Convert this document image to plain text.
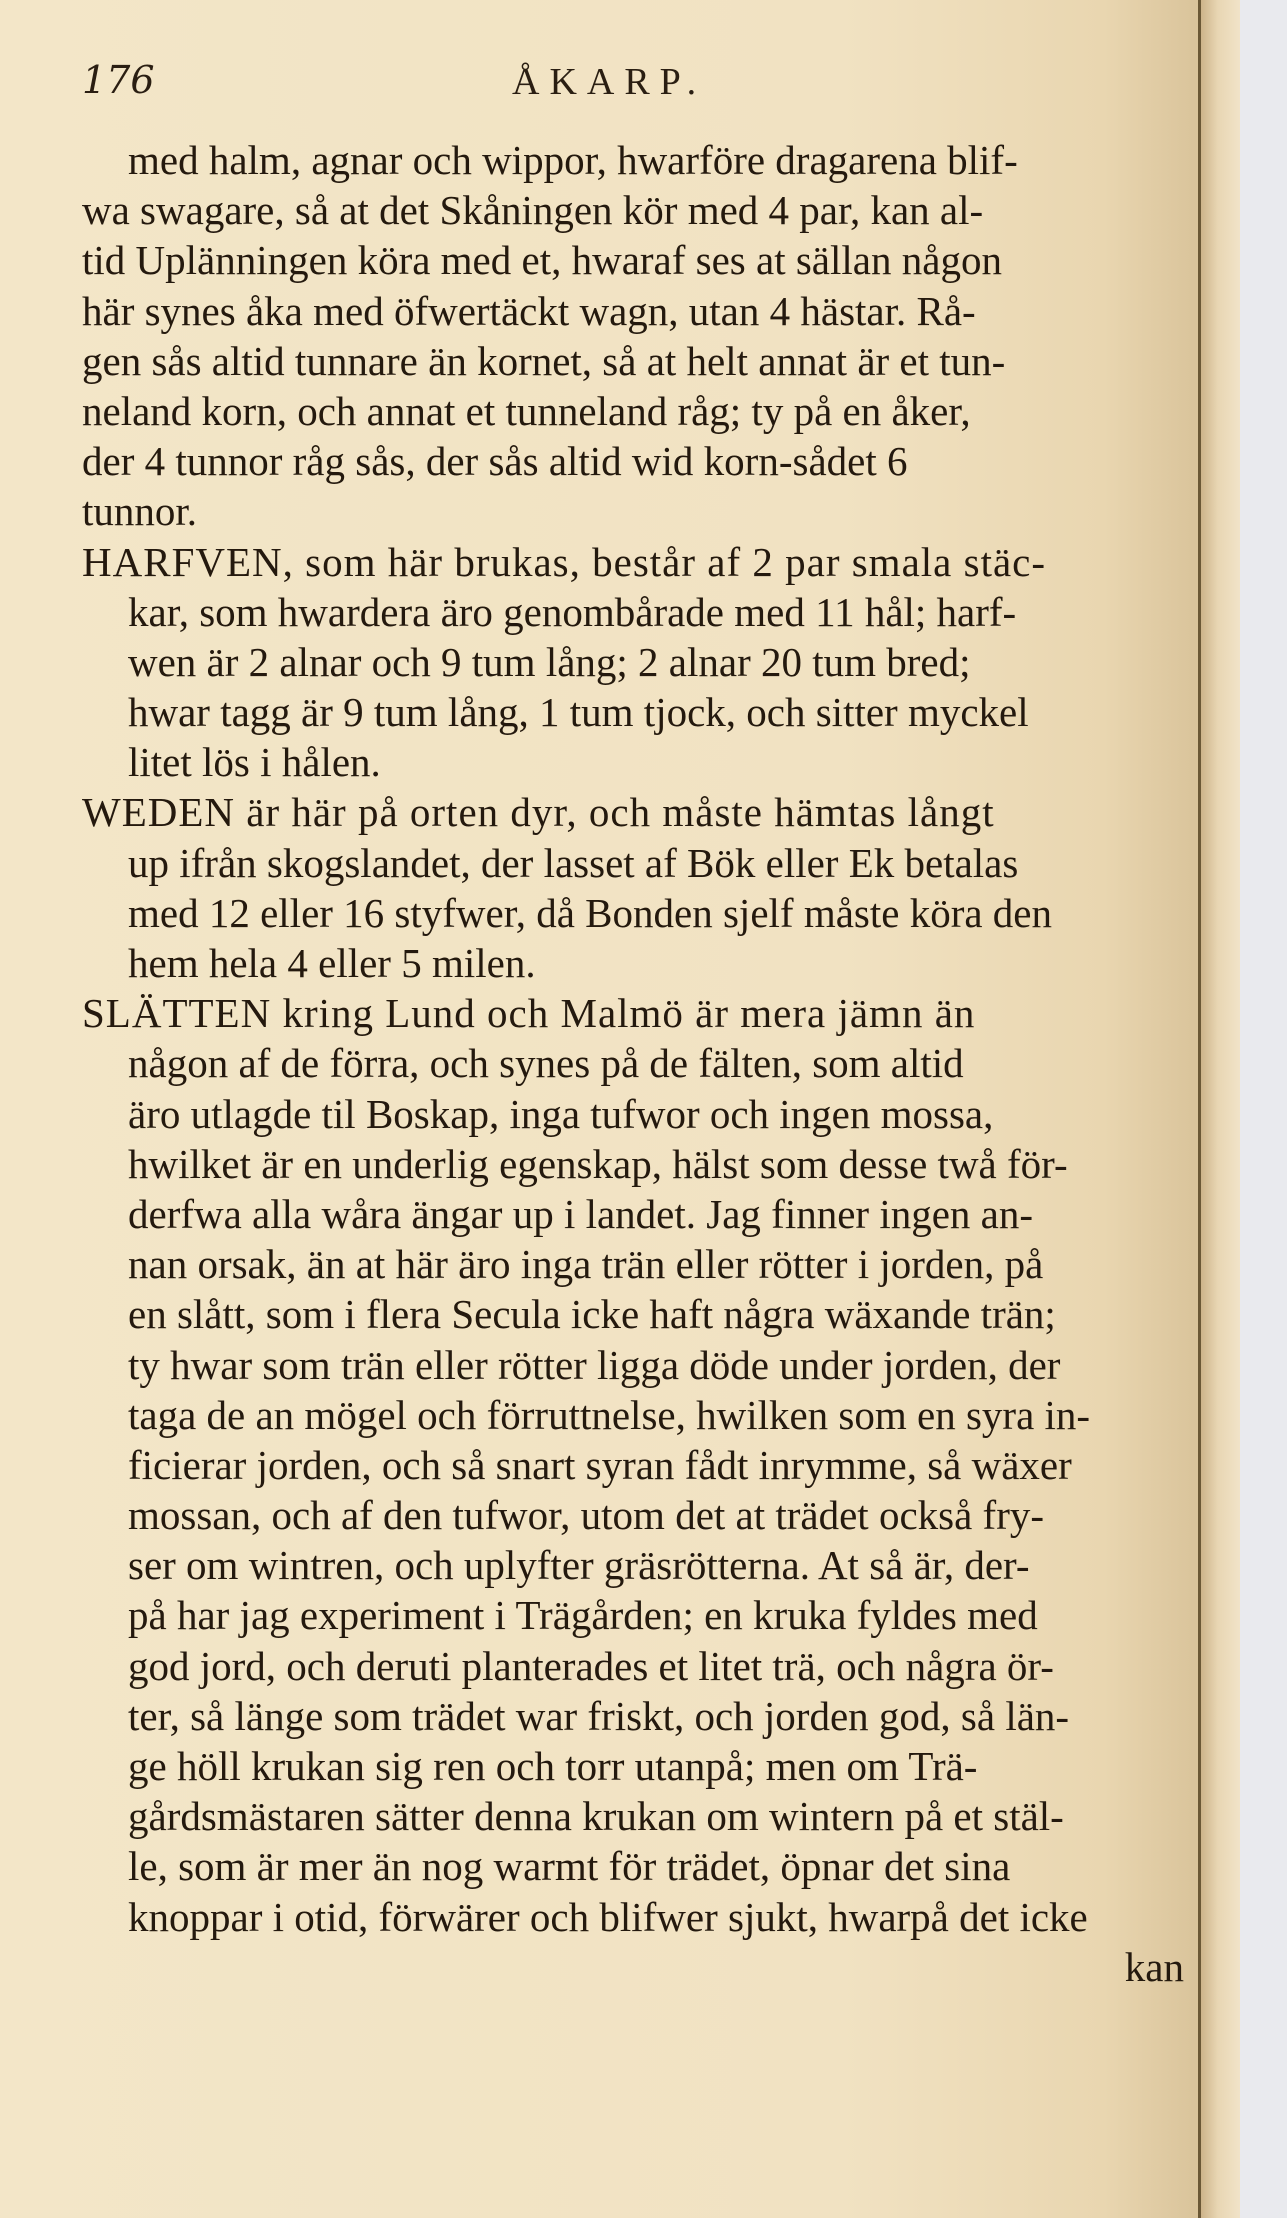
176	ÅKARP.
med halm, agnar och wippor, hwarföre dragarena blif-
wa swagare, så at det Skåningen kör med 4 par, kan al-
tid Uplänningen köra med et, hwaraf ses at sällan någon
här synes åka med öfwertäckt wagn, utan 4 hästar. Rå-
gen sås altid tunnare än kornet, så at helt annat är et tun-
neland korn, och annat et tunneland råg; ty på en åker,
der 4 tunnor råg sås, der sås altid wid korn-sådet 6
tunnor.
HARFVEN, som här brukas, består af 2 par smala stäc-
kar, som hwardera äro genombårade med 11 hål; harf-
wen är 2 alnar och 9 tum lång; 2 alnar 20 tum bred;
hwar tagg är 9 tum lång, 1 tum tjock, och sitter myckel
litet lös i hålen.
WEDEN är här på orten dyr, och måste hämtas långt
up ifrån skogslandet, der lasset af Bök eller Ek betalas
med 12 eller 16 styfwer, då Bonden sjelf måste köra den
hem hela 4 eller 5 milen.
SLÄTTEN kring Lund och Malmö är mera jämn än
någon af de förra, och synes på de fälten, som altid
äro utlagde til Boskap, inga tufwor och ingen mossa,
hwilket är en underlig egenskap, hälst som desse twå för-
derfwa alla wåra ängar up i landet. Jag finner ingen an-
nan orsak, än at här äro inga trän eller rötter i jorden, på
en slått, som i flera Secula icke haft några wäxande trän;
ty hwar som trän eller rötter ligga döde under jorden, der
taga de an mögel och förruttnelse, hwilken som en syra in-
ficierar jorden, och så snart syran fådt inrymme, så wäxer
mossan, och af den tufwor, utom det at trädet också fry-
ser om wintren, och uplyfter gräsrötterna. At så är, der-
på har jag experiment i Trägården; en kruka fyldes med
god jord, och deruti planterades et litet trä, och några ör-
ter, så länge som trädet war friskt, och jorden god, så län-
ge höll krukan sig ren och torr utanpå; men om Trä-
gårdsmästaren sätter denna krukan om wintern på et stäl-
le, som är mer än nog warmt för trädet, öpnar det sina
knoppar i otid, förwärer och blifwer sjukt, hwarpå det icke
kan
